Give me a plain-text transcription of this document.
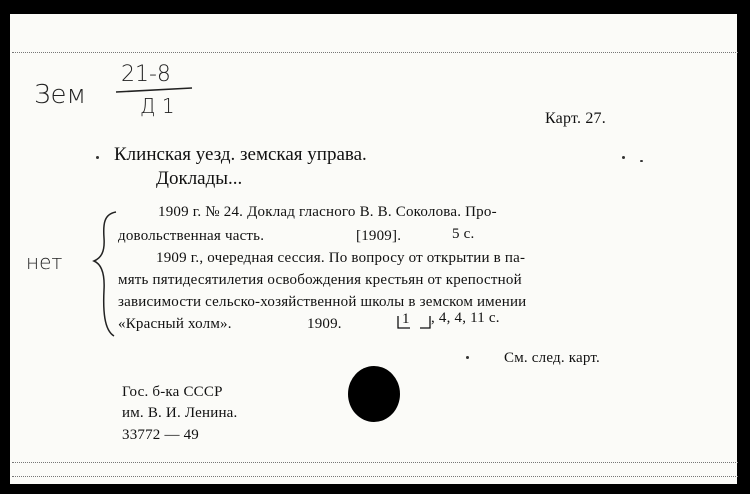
Зем
21-8
Д 1
нет
Карт. 27.
Клинская уезд. земская управа.
Доклады...
1909 г. № 24. Доклад гласного В. В. Соколова. Про-
довольственная часть.	[1909].	5 с.
1909 г., очередная сессия. По вопросу от открытии в па-
мять пятидесятилетия освобождения крестьян от крепостной
зависимости сельско-хозяйственной школы в земском имении
«Красный холм».	1909.	1 , 4, 4, 11 с.
См. след. карт.
Гос. б-ка СССР
им. В. И. Ленина.
33772 — 49
